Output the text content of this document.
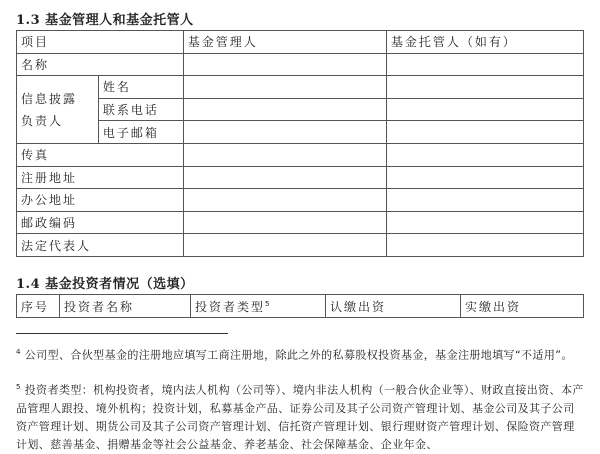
1.3 基金管理人和基金托管人
项目		基金管理人	基金托管人（如有）
名称			
信息披露
负责人	姓名		
	联系电话		
	电子邮箱		
传真			
注册地址			
办公地址			
邮政编码			
法定代表人			
1.4 基金投资者情况（选填）
序号	投资者名称	投资者类型$^5$	认缴出资	实缴出资
$^4$ 公司型、合伙型基金的注册地应填写工商注册地，除此之外的私募股权投资基金，基金注册地填写“不适用”。
$^5$ 投资者类型：机构投资者，境内法人机构（公司等）、境内非法人机构（一般合伙企业等）、财政直接出资、本产品管理人跟投、境外机构；投资计划，私募基金产品、证券公司及其子公司资产管理计划、基金公司及其子公司资产管理计划、期货公司及其子公司资产管理计划、信托资产管理计划、银行理财资产管理计划、保险资产管理计划、慈善基金、捐赠基金等社会公益基金、养老基金、社会保障基金、企业年金、
